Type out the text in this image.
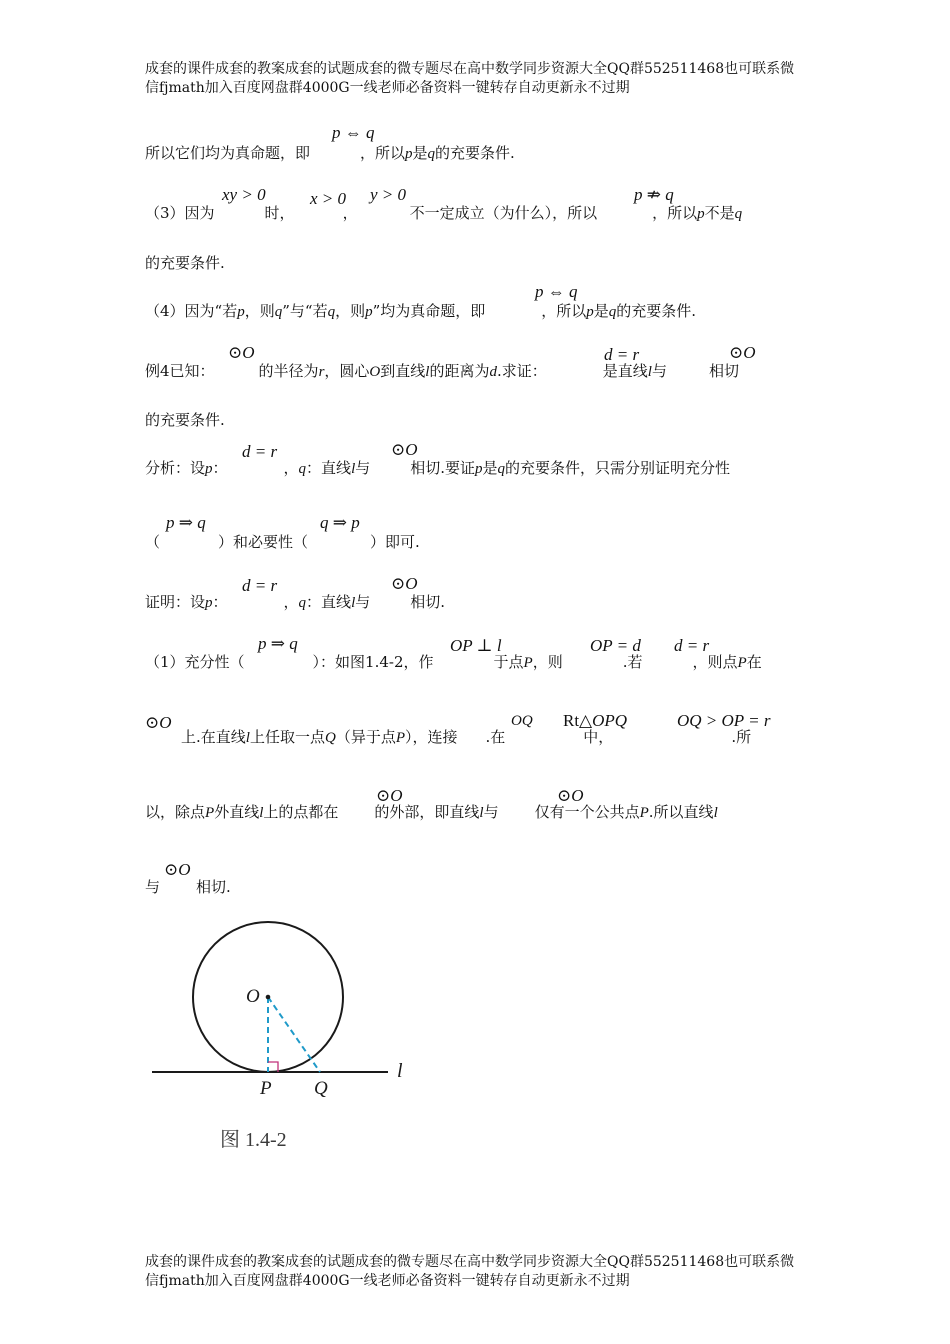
成套的课件成套的教案成套的试题成套的微专题尽在高中数学同步资源大全QQ群552511468也可联系微
信fjmath加入百度网盘群4000G一线老师必备资料一键转存自动更新永不过期
所以它们均为真命题，即	，所以p是q的充要条件.
p ⇔ q
（3）因为	时，	，	不一定成立（为什么），所以	，所以p不是q
xy > 0	x > 0 y > 0	p ⇏ q
的充要条件.
（4）因为“若p，则q”与“若q，则p”均为真命题，即	，所以p是q的充要条件.
p ⇔ q
例4已知：	的半径为r，圆心O到直线l的距离为d.求证：	是直线l与	相切
⊙O	d = r	⊙O
的充要条件.
分析：设p：	，q：直线l与	相切.要证p是q的充要条件，只需分别证明充分性
d = r	⊙O
（	）和必要性（	）即可.
p ⇒ q	q ⇒ p
证明：设p：	，q：直线l与	相切.
d = r	⊙O
（1）充分性（	）：如图1.4-2，作	于点P，则	.若	，则点P在
p ⇒ q	OP ⊥ l	OP = d d = r
上.在直线l上任取一点Q（异于点P），连接 .在	中，	.所
⊙O	OQ Rt△OPQ	OQ > OP = r
以，除点P外直线l上的点都在 的外部，即直线l与 仅有一个公共点P.所以直线l
⊙O	⊙O
与 相切.
⊙O
O
P Q
l
图 1.4-2
成套的课件成套的教案成套的试题成套的微专题尽在高中数学同步资源大全QQ群552511468也可联系微
信fjmath加入百度网盘群4000G一线老师必备资料一键转存自动更新永不过期
